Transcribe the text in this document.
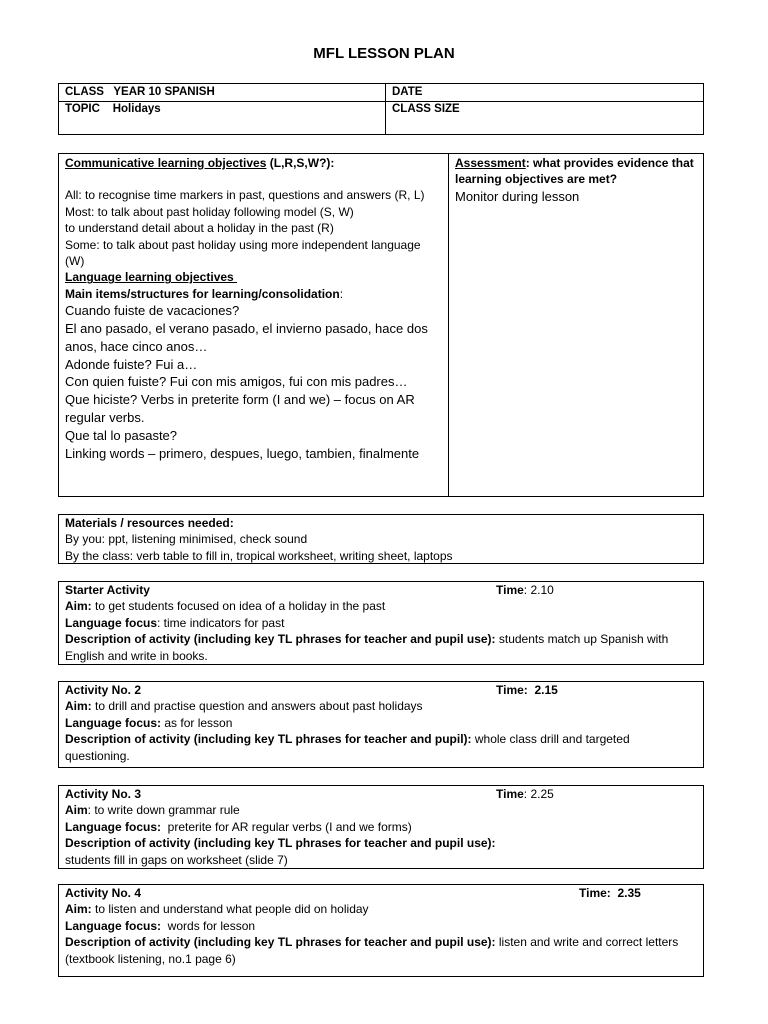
MFL LESSON PLAN
CLASS YEAR 10 SPANISH	DATE
TOPIC Holidays	CLASS SIZE

Communicative learning objectives (L,R,S,W?):

All: to recognise time markers in past, questions and answers (R, L)

Most: to talk about past holiday following model (S, W)

to understand detail about a holiday in the past (R)

Some: to talk about past holiday using more independent language (W)

Language learning objectives

Main items/structures for learning/consolidation:

Cuando fuiste de vacaciones?

El ano pasado, el verano pasado, el invierno pasado, hace dos anos, hace cinco anos…

Adonde fuiste? Fui a…

Con quien fuiste? Fui con mis amigos, fui con mis padres…

Que hiciste? Verbs in preterite form (I and we) – focus on AR regular verbs.

Que tal lo pasaste?

Linking words – primero, despues, luego, tambien, finalmente

Assessment: what provides evidence that learning objectives are met?

Monitor during lesson

Materials / resources needed:

By you: ppt, listening minimised, check sound

By the class: verb table to fill in, tropical worksheet, writing sheet, laptops

Starter Activity	Time: 2.10

Aim: to get students focused on idea of a holiday in the past

Language focus: time indicators for past

Description of activity (including key TL phrases for teacher and pupil use): students match up Spanish with English and write in books.

Activity No. 2	Time:  2.15

Aim: to drill and practise question and answers about past holidays

Language focus: as for lesson

Description of activity (including key TL phrases for teacher and pupil): whole class drill and targeted questioning.

Activity No. 3	Time: 2.25

Aim: to write down grammar rule

Language focus:  preterite for AR regular verbs (I and we forms)

Description of activity (including key TL phrases for teacher and pupil use):

students fill in gaps on worksheet (slide 7)

Activity No. 4	Time:  2.35

Aim: to listen and understand what people did on holiday

Language focus:  words for lesson

Description of activity (including key TL phrases for teacher and pupil use): listen and write and correct letters (textbook listening, no.1 page 6)
